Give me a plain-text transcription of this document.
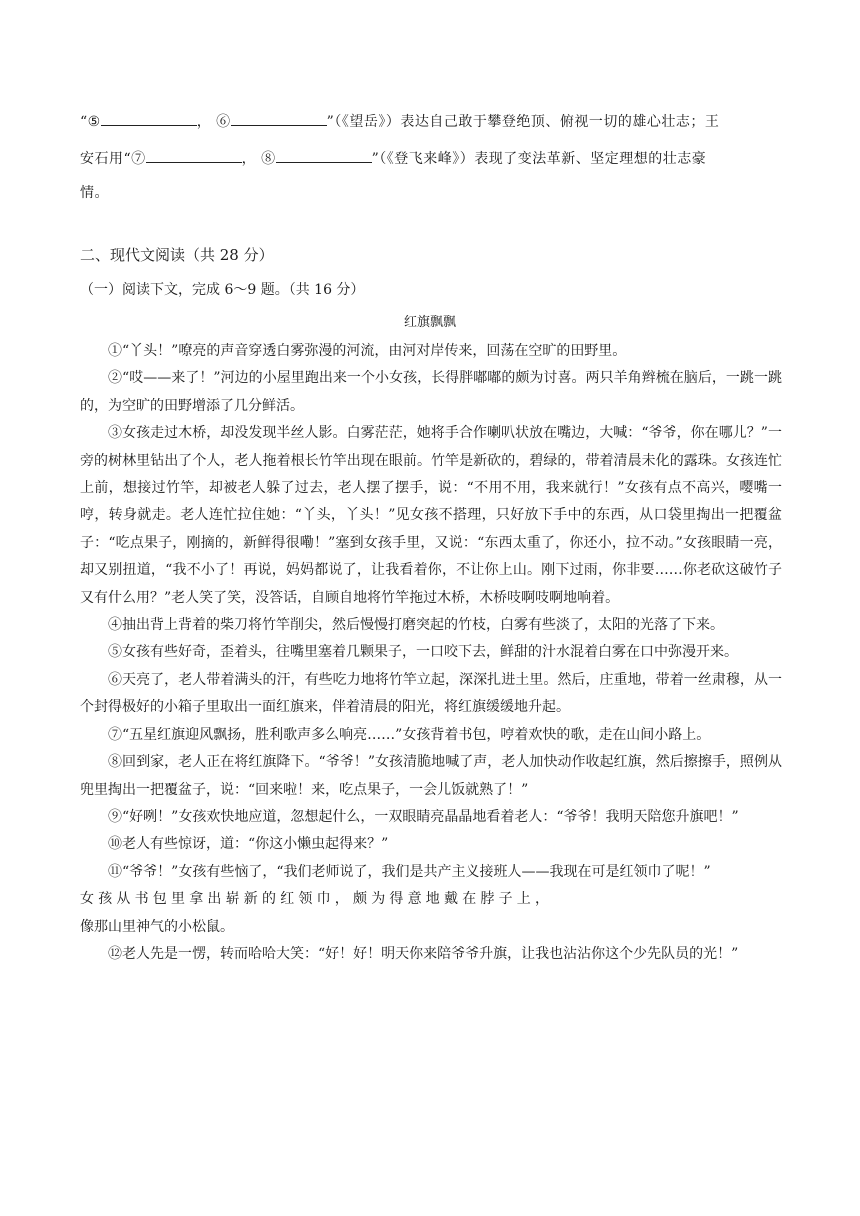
“⑤	， ⑥	”（《望岳》）表达自己敢于攀登绝顶、俯视一切的雄心壮志；王
安石用“⑦	， ⑧	”（《登飞来峰》）表现了变法革新、坚定理想的壮志豪
情。
二、现代文阅读（共 28 分）
（一）阅读下文，完成 6～9 题。（共 16 分）
红旗飘飘

①“丫头！”嘹亮的声音穿透白雾弥漫的河流，由河对岸传来，回荡在空旷的田野里。

②“哎——来了！”河边的小屋里跑出来一个小女孩，长得胖嘟嘟的颇为讨喜。两只羊角辫梳在脑后，一跳一跳的，为空旷的田野增添了几分鲜活。

③女孩走过木桥，却没发现半丝人影。白雾茫茫，她将手合作喇叭状放在嘴边，大喊：“爷爷，你在哪儿？”一旁的树林里钻出了个人，老人拖着根长竹竿出现在眼前。竹竿是新砍的，碧绿的，带着清晨未化的露珠。女孩连忙上前，想接过竹竿，却被老人躲了过去，老人摆了摆手，说：“不用不用，我来就行！”女孩有点不高兴，嘤嘴一哼，转身就走。老人连忙拉住她：“丫头，丫头！”见女孩不搭理，只好放下手中的东西，从口袋里掏出一把覆盆子：“吃点果子，刚摘的，新鲜得很嘞！”塞到女孩手里，又说：“东西太重了，你还小，拉不动。”女孩眼睛一亮，却又别扭道，“我不小了！再说，妈妈都说了，让我看着你，不让你上山。刚下过雨，你非要……你老砍这破竹子又有什么用？”老人笑了笑，没答话，自顾自地将竹竿拖过木桥，木桥吱啊吱啊地响着。

④抽出背上背着的柴刀将竹竿削尖，然后慢慢打磨突起的竹枝，白雾有些淡了，太阳的光落了下来。

⑤女孩有些好奇，歪着头，往嘴里塞着几颗果子，一口咬下去，鲜甜的汁水混着白雾在口中弥漫开来。

⑥天亮了，老人带着满头的汗，有些吃力地将竹竿立起，深深扎进土里。然后，庄重地，带着一丝肃穆，从一个封得极好的小箱子里取出一面红旗来，伴着清晨的阳光，将红旗缓缓地升起。

⑦“五星红旗迎风飘扬，胜利歌声多么响亮……”女孩背着书包，哼着欢快的歌，走在山间小路上。

⑧回到家，老人正在将红旗降下。“爷爷！”女孩清脆地喊了声，老人加快动作收起红旗，然后擦擦手，照例从兜里掏出一把覆盆子，说：“回来啦！来，吃点果子，一会儿饭就熟了！”

⑨“好咧！”女孩欢快地应道，忽想起什么，一双眼睛亮晶晶地看着老人：“爷爷！我明天陪您升旗吧！”

⑩老人有些惊讶，道：“你这小懒虫起得来？”

⑪“爷爷！”女孩有些恼了，“我们老师说了，我们是共产主义接班人——我现在可是红领巾了呢！”

女孩从书包里拿出崭新的红领巾，颇为得意地戴在脖子上，

像那山里神气的小松鼠。

⑫老人先是一愣，转而哈哈大笑：“好！好！明天你来陪爷爷升旗，让我也沾沾你这个少先队员的光！”
